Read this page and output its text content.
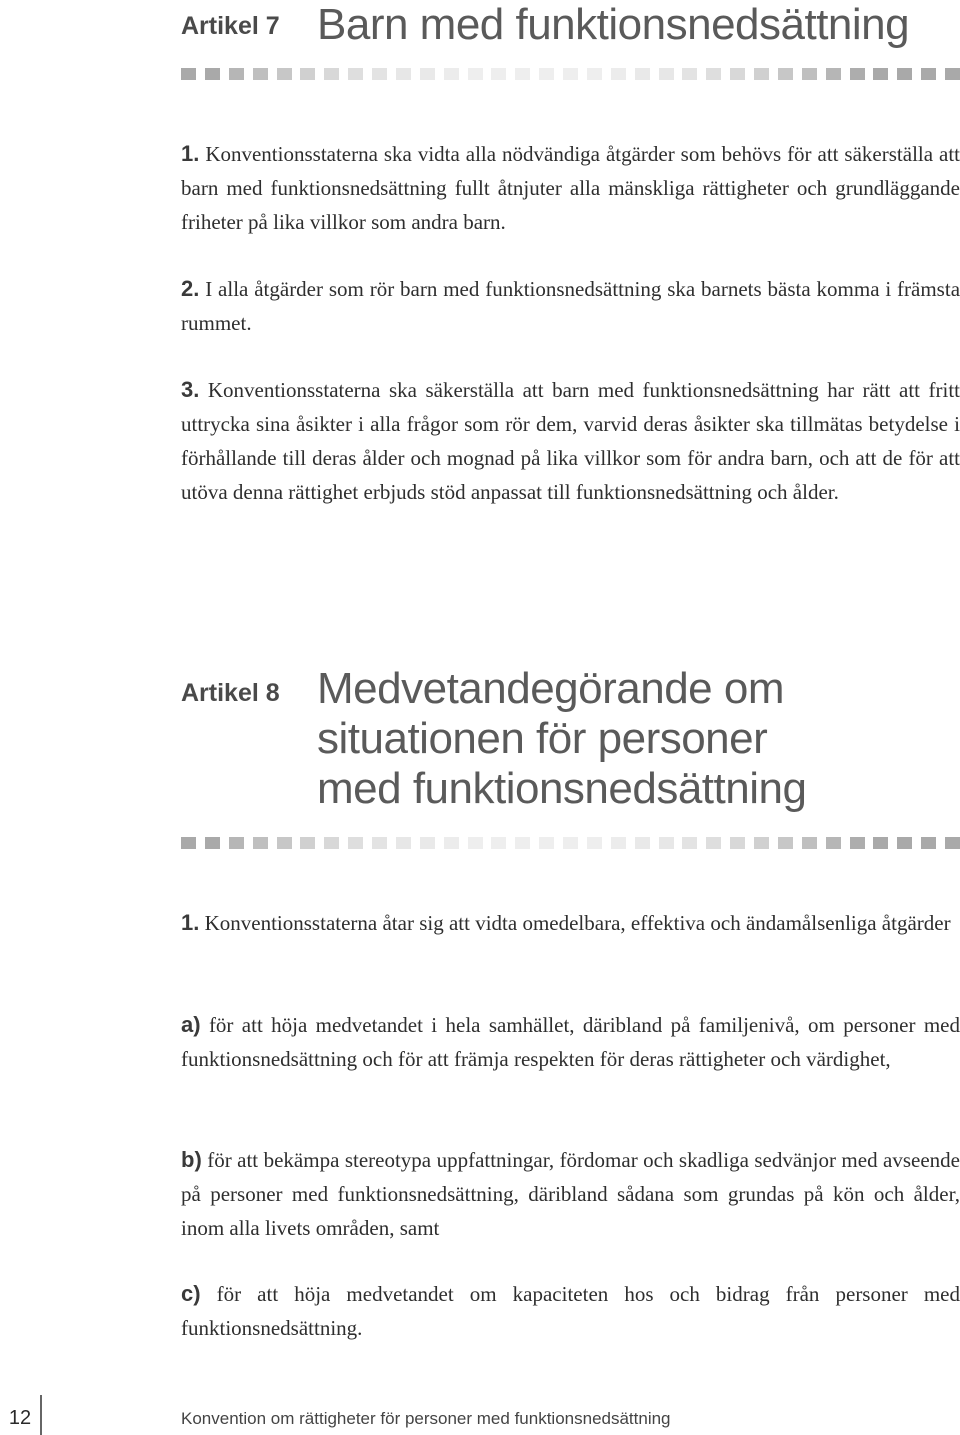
Artikel 7 Barn med funktionsnedsättning

1. Konventionsstaterna ska vidta alla nödvändiga åtgärder som behövs för att säkerställa att barn med funktionsnedsättning fullt åtnjuter alla mänskliga rättigheter och grundläggande friheter på lika villkor som andra barn.

2. I alla åtgärder som rör barn med funktionsnedsättning ska barnets bästa komma i främsta rummet.

3. Konventionsstaterna ska säkerställa att barn med funktionsnedsättning har rätt att fritt uttrycka sina åsikter i alla frågor som rör dem, varvid deras åsikter ska tillmätas betydelse i förhållande till deras ålder och mognad på lika villkor som för andra barn, och att de för att utöva denna rättighet erbjuds stöd anpassat till funktionsnedsättning och ålder.

Artikel 8 Medvetandegörande om situationen för personer med funktionsnedsättning

1. Konventionsstaterna åtar sig att vidta omedelbara, effektiva och ändamålsenliga åtgärder

a) för att höja medvetandet i hela samhället, däribland på familjenivå, om personer med funktionsnedsättning och för att främja respekten för deras rättigheter och värdighet,

b) för att bekämpa stereotypa uppfattningar, fördomar och skadliga sedvänjor med avseende på personer med funktionsnedsättning, däribland sådana som grundas på kön och ålder, inom alla livets områden, samt

c) för att höja medvetandet om kapaciteten hos och bidrag från personer med funktionsnedsättning.

12	Konvention om rättigheter för personer med funktionsnedsättning
